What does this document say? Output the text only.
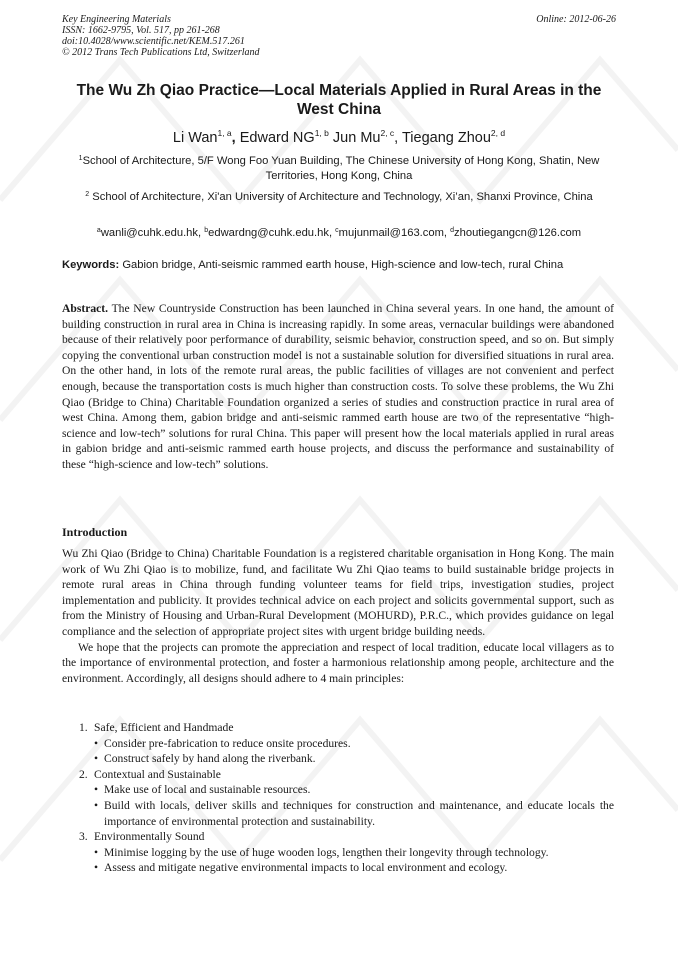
Key Engineering Materials
ISSN: 1662-9795, Vol. 517, pp 261-268
doi:10.4028/www.scientific.net/KEM.517.261
© 2012 Trans Tech Publications Ltd, Switzerland
Online: 2012-06-26
The Wu Zh Qiao Practice—Local Materials Applied in Rural Areas in the West China
Li Wan$^{1, a}$, Edward NG$^{1, b}$ Jun Mu$^{2, c}$, Tiegang Zhou$^{2, d}$
$^1$School of Architecture, 5/F Wong Foo Yuan Building, The Chinese University of Hong Kong, Shatin, New Territories, Hong Kong, China
$^2$ School of Architecture, Xi'an University of Architecture and Technology, Xi’an, Shanxi Province, China
$^a$wanli@cuhk.edu.hk, $^b$edwardng@cuhk.edu.hk, $^c$mujunmail@163.com, $^d$zhoutiegangcn@126.com
Keywords: Gabion bridge, Anti-seismic rammed earth house, High-science and low-tech, rural China
Abstract. The New Countryside Construction has been launched in China several years. In one hand, the amount of building construction in rural area in China is increasing rapidly. In some areas, vernacular buildings were abandoned because of their relatively poor performance of durability, seismic behavior, construction speed, and so on. But simply copying the conventional urban construction model is not a sustainable solution for diversified situations in rural area. On the other hand, in lots of the remote rural areas, the public facilities of villages are not convenient and perfect enough, because the transportation costs is much higher than construction costs. To solve these problems, the Wu Zhi Qiao (Bridge to China) Charitable Foundation organized a series of studies and construction practice in rural area of west China. Among them, gabion bridge and anti-seismic rammed earth house are two of the representative “high-science and low-tech” solutions for rural China. This paper will present how the local materials applied in rural areas in gabion bridge and anti-seismic rammed earth house projects, and discuss the performance and sustainability of these “high-science and low-tech” solutions.
Introduction

Wu Zhi Qiao (Bridge to China) Charitable Foundation is a registered charitable organisation in Hong Kong. The main work of Wu Zhi Qiao is to mobilize, fund, and facilitate Wu Zhi Qiao teams to build sustainable bridge projects in remote rural areas in China through funding volunteer teams for field trips, investigation studies, project implementation and publicity. It provides technical advice on each project and solicits governmental support, such as from the Ministry of Housing and Urban-Rural Development (MOHURD), P.R.C., which provides guidance on legal compliance and the selection of appropriate project sites with urgent bridge building needs.

We hope that the projects can promote the appreciation and respect of local tradition, educate local villagers as to the importance of environmental protection, and foster a harmonious relationship among people, architecture and the environment. Accordingly, all designs should adhere to 4 main principles:

1. Safe, Efficient and Handmade
• Consider pre-fabrication to reduce onsite procedures.
• Construct safely by hand along the riverbank.
2. Contextual and Sustainable
• Make use of local and sustainable resources.
• Build with locals, deliver skills and techniques for construction and maintenance, and educate locals the importance of environmental protection and sustainability.
3. Environmentally Sound
• Minimise logging by the use of huge wooden logs, lengthen their longevity through technology.
• Assess and mitigate negative environmental impacts to local environment and ecology.
